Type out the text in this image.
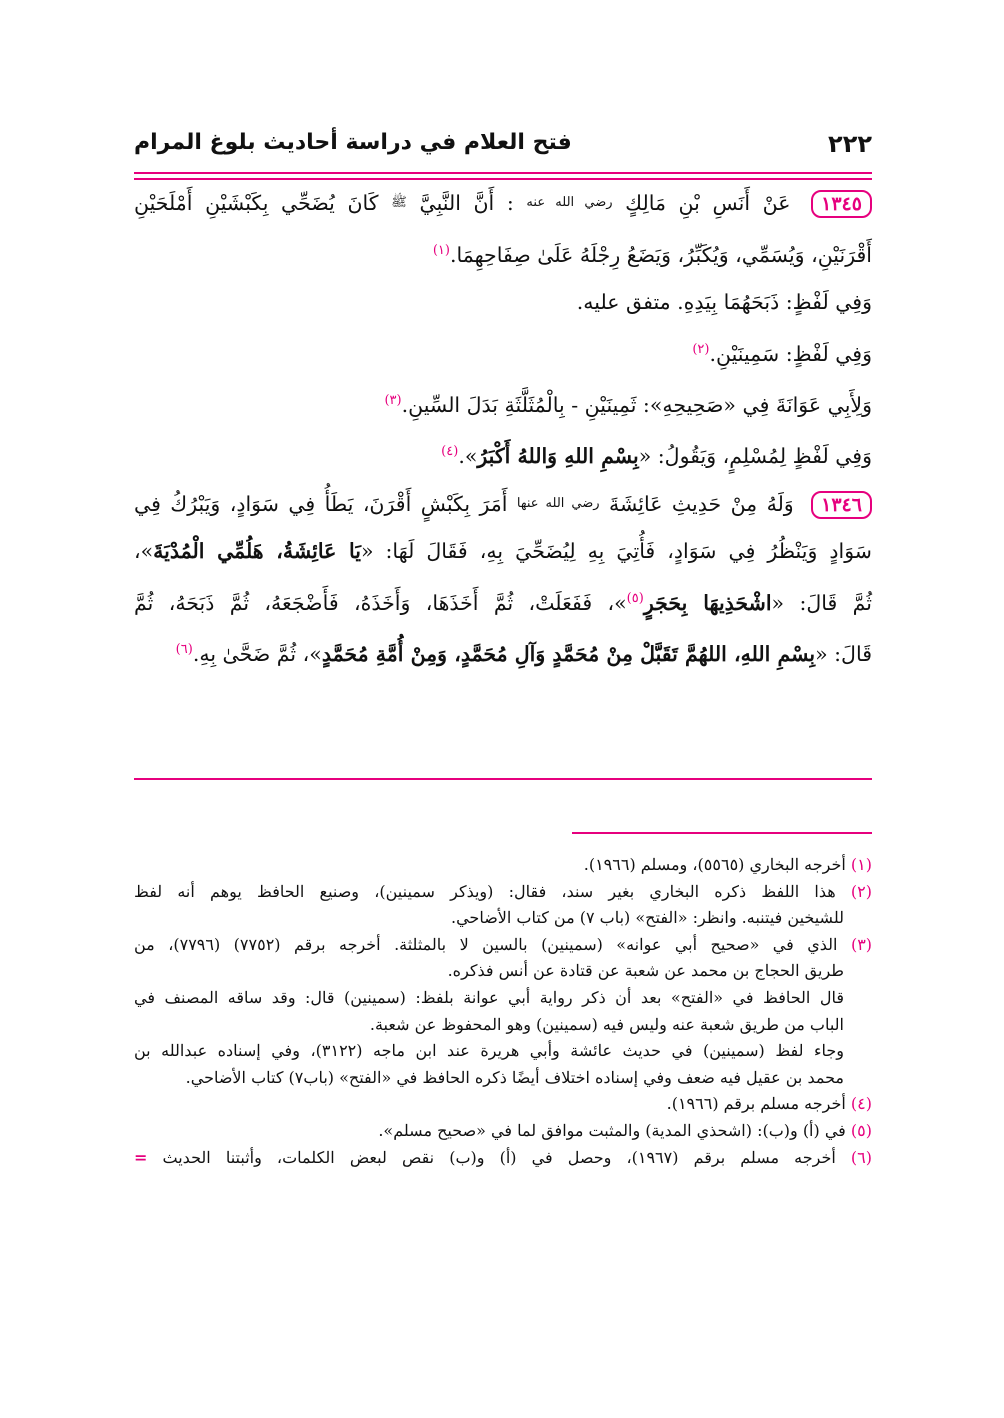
٢٢٢
فتح العلام في دراسة أحاديث بلوغ المرام
١٣٤٥ عَنْ أَنَسِ بْنِ مَالِكٍ رضي الله عنه : أَنَّ النَّبِيَّ ﷺ كَانَ يُضَحِّي بِكَبْشَيْنِ أَمْلَحَيْنِ
أَقْرَنَيْنِ، وَيُسَمِّي، وَيُكَبِّرُ، وَيَضَعُ رِجْلَهُ عَلَىٰ صِفَاحِهِمَا.$^{(١)}$
وَفِي لَفْظٍ: ذَبَحَهُمَا بِيَدِهِ. متفق عليه.
وَفِي لَفْظٍ: سَمِينَيْنِ.$^{(٢)}$
وَلِأَبِي عَوَانَةَ فِي «صَحِيحِهِ»: ثَمِينَيْنِ - بِالْمُثَلَّثَةِ بَدَلَ السِّينِ.$^{(٣)}$
وَفِي لَفْظٍ لِمُسْلِمٍ، وَيَقُولُ: «بِسْمِ اللهِ وَاللهُ أَكْبَرُ».$^{(٤)}$
١٣٤٦ وَلَهُ مِنْ حَدِيثِ عَائِشَةَ رضي الله عنها أَمَرَ بِكَبْشٍ أَقْرَنَ، يَطَأُ فِي سَوَادٍ، وَيَبْرُكُ فِي
سَوَادٍ وَيَنْظُرُ فِي سَوَادٍ، فَأُتِيَ بِهِ لِيُضَحِّيَ بِهِ، فَقَالَ لَهَا: «يَا عَائِشَةُ، هَلُمِّي الْمُدْيَةَ»،
ثُمَّ قَالَ: «اشْحَذِيهَا بِحَجَرٍ$^{(٥)}$»، فَفَعَلَتْ، ثُمَّ أَخَذَهَا، وَأَخَذَهُ، فَأَضْجَعَهُ، ثُمَّ ذَبَحَهُ، ثُمَّ
قَالَ: «بِسْمِ اللهِ، اللهُمَّ تَقَبَّلْ مِنْ مُحَمَّدٍ وَآلِ مُحَمَّدٍ، وَمِنْ أُمَّةِ مُحَمَّدٍ»، ثُمَّ ضَحَّىٰ بِهِ.$^{(٦)}$

(١) أخرجه البخاري (٥٥٦٥)، ومسلم (١٩٦٦).

(٢) هذا اللفظ ذكره البخاري بغير سند، فقال: (ويذكر سمينين)، وصنيع الحافظ يوهم أنه لفظ

للشيخين فيتنبه. وانظر: «الفتح» (باب ٧) من كتاب الأضاحي.

(٣) الذي في «صحيح أبي عوانه» (سمينين) بالسين لا بالمثلثة. أخرجه برقم (٧٧٥٢) (٧٧٩٦)، من

طريق الحجاج بن محمد عن شعبة عن قتادة عن أنس فذكره.

قال الحافظ في «الفتح» بعد أن ذكر رواية أبي عوانة بلفظ: (سمينين) قال: وقد ساقه المصنف في

الباب من طريق شعبة عنه وليس فيه (سمينين) وهو المحفوظ عن شعبة.

وجاء لفظ (سمينين) في حديث عائشة وأبي هريرة عند ابن ماجه (٣١٢٢)، وفي إسناده عبدالله بن

محمد بن عقيل فيه ضعف وفي إسناده اختلاف أيضًا ذكره الحافظ في «الفتح» (باب٧) كتاب الأضاحي.

(٤) أخرجه مسلم برقم (١٩٦٦).

(٥) في (أ) و(ب): (اشحذي المدية) والمثبت موافق لما في «صحيح مسلم».

(٦) أخرجه مسلم برقم (١٩٦٧)، وحصل في (أ) و(ب) نقص لبعض الكلمات، وأثبتنا الحديث =
